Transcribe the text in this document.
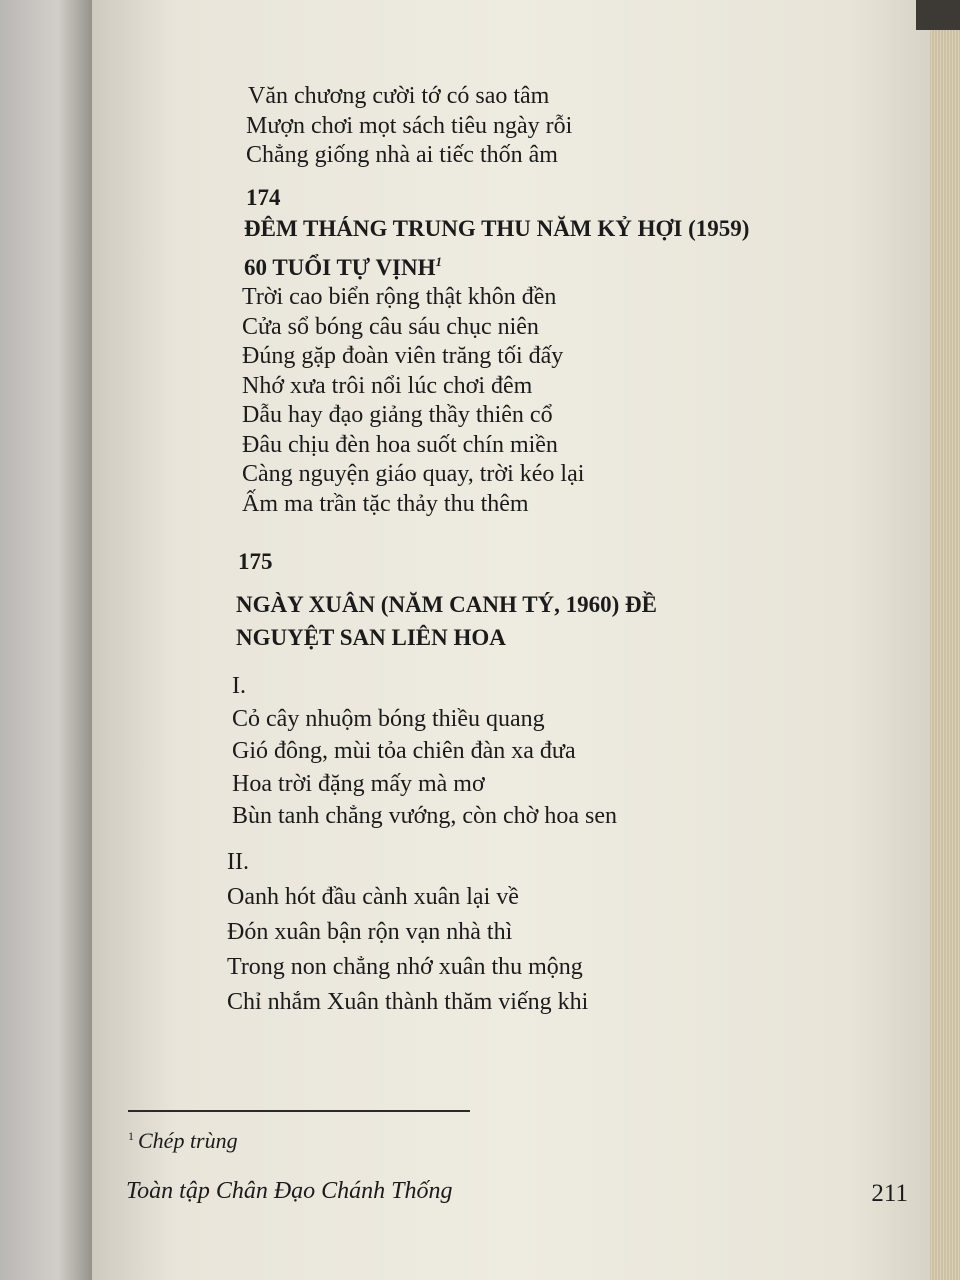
Văn chương cười tớ có sao tâm
Mượn chơi mọt sách tiêu ngày rỗi
Chẳng giống nhà ai tiếc thốn âm
174
ĐÊM THÁNG TRUNG THU NĂM KỶ HỢI (1959)
60 TUỔI TỰ VỊNH$^1$
Trời cao biển rộng thật khôn đền
Cửa sổ bóng câu sáu chục niên
Đúng gặp đoàn viên trăng tối đấy
Nhớ xưa trôi nổi lúc chơi đêm
Dẫu hay đạo giảng thầy thiên cổ
Đâu chịu đèn hoa suốt chín miền
Càng nguyện giáo quay, trời kéo lại
Ấm ma trần tặc thảy thu thêm
175
NGÀY XUÂN (NĂM CANH TÝ, 1960) ĐỀ
NGUYỆT SAN LIÊN HOA
I.
Cỏ cây nhuộm bóng thiều quang
Gió đông, mùi tỏa chiên đàn xa đưa
Hoa trời đặng mấy mà mơ
Bùn tanh chẳng vướng, còn chờ hoa sen
II.
Oanh hót đầu cành xuân lại về
Đón xuân bận rộn vạn nhà thì
Trong non chẳng nhớ xuân thu mộng
Chỉ nhắm Xuân thành thăm viếng khi
$^1$ Chép trùng
Toàn tập Chân Đạo Chánh Thống	211
